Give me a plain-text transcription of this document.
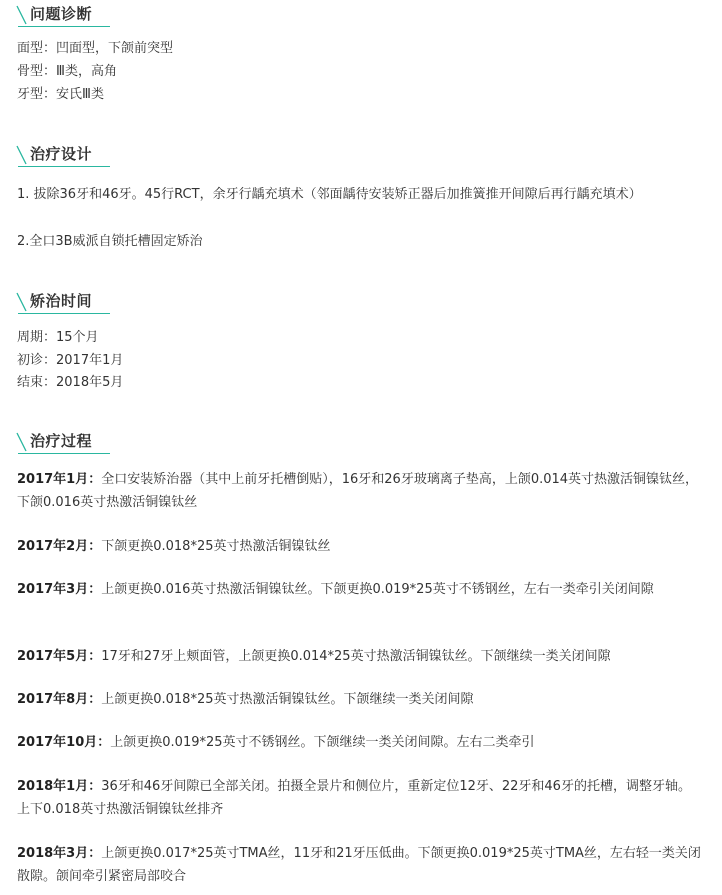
问题诊断
面型：凹面型，下颌前突型
骨型：Ⅲ类，高角
牙型：安氏Ⅲ类
治疗设计
1. 拔除36牙和46牙。45行RCT，余牙行龋充填术（邻面龋待安装矫正器后加推簧推开间隙后再行龋充填术）
2.全口3B威派自锁托槽固定矫治
矫治时间
周期：15个月
初诊：2017年1月
结束：2018年5月
治疗过程
2017年1月：全口安装矫治器（其中上前牙托槽倒贴），16牙和26牙玻璃离子垫高，上颌0.014英寸热激活铜镍钛丝，下颌0.016英寸热激活铜镍钛丝
2017年2月：下颌更换0.018*25英寸热激活铜镍钛丝
2017年3月：上颌更换0.016英寸热激活铜镍钛丝。下颌更换0.019*25英寸不锈钢丝，左右一类牵引关闭间隙
2017年5月：17牙和27牙上颊面管，上颌更换0.014*25英寸热激活铜镍钛丝。下颌继续一类关闭间隙
2017年8月：上颌更换0.018*25英寸热激活铜镍钛丝。下颌继续一类关闭间隙
2017年10月：上颌更换0.019*25英寸不锈钢丝。下颌继续一类关闭间隙。左右二类牵引
2018年1月：36牙和46牙间隙已全部关闭。拍摄全景片和侧位片，重新定位12牙、22牙和46牙的托槽，调整牙轴。上下0.018英寸热激活铜镍钛丝排齐
2018年3月：上颌更换0.017*25英寸TMA丝，11牙和21牙压低曲。下颌更换0.019*25英寸TMA丝，左右轻一类关闭散隙。颌间牵引紧密局部咬合
